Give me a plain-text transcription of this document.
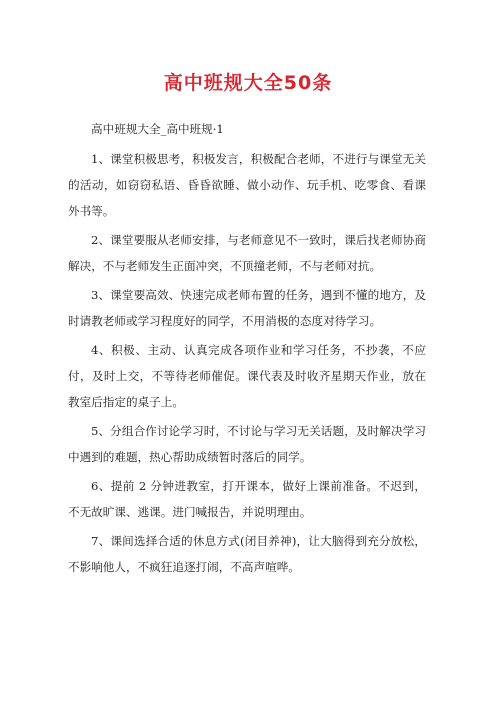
高中班规大全50条

高中班规大全_高中班规·1

1、课堂积极思考，积极发言，积极配合老师，不进行与课堂无关的活动，如窃窃私语、昏昏欲睡、做小动作、玩手机、吃零食、看课外书等。

2、课堂要服从老师安排，与老师意见不一致时，课后找老师协商解决，不与老师发生正面冲突，不顶撞老师，不与老师对抗。

3、课堂要高效、快速完成老师布置的任务，遇到不懂的地方，及时请教老师或学习程度好的同学，不用消极的态度对待学习。

4、积极、主动、认真完成各项作业和学习任务，不抄袭，不应付，及时上交，不等待老师催促。课代表及时收齐星期天作业，放在教室后指定的桌子上。

5、分组合作讨论学习时，不讨论与学习无关话题，及时解决学习中遇到的难题，热心帮助成绩暂时落后的同学。

6、提前 2 分钟进教室，打开课本，做好上课前准备。不迟到，不无故旷课、逃课。进门喊报告，并说明理由。

7、课间选择合适的休息方式(闭目养神)，让大脑得到充分放松，不影响他人，不疯狂追逐打闹，不高声喧哗。
